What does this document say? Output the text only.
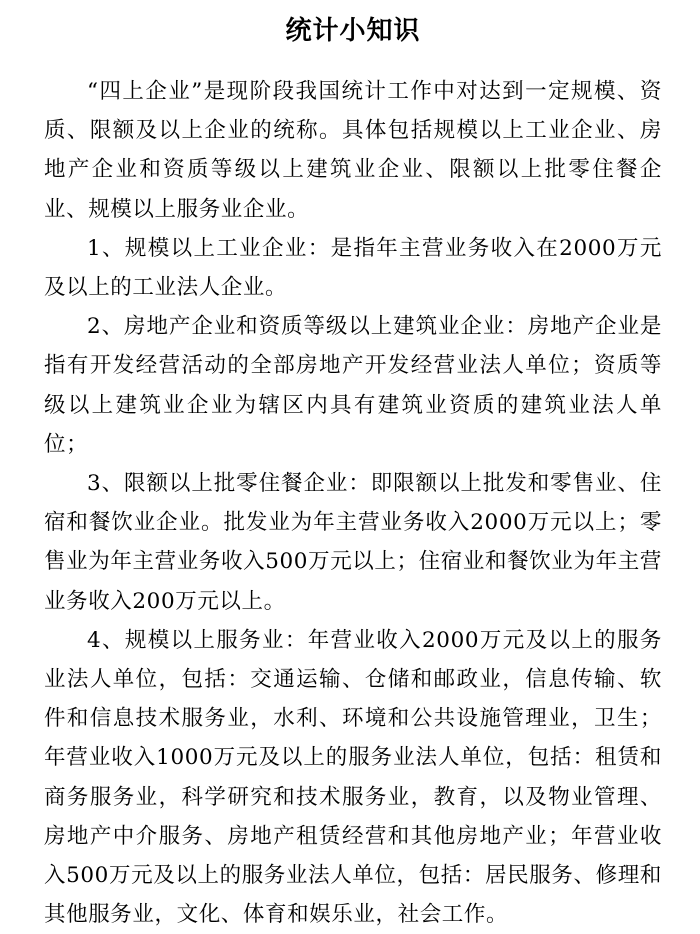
统计小知识

“四上企业”是现阶段我国统计工作中对达到一定规模、资质、限额及以上企业的统称。具体包括规模以上工业企业、房地产企业和资质等级以上建筑业企业、限额以上批零住餐企业、规模以上服务业企业。

1、规模以上工业企业：是指年主营业务收入在2000万元及以上的工业法人企业。

2、房地产企业和资质等级以上建筑业企业：房地产企业是指有开发经营活动的全部房地产开发经营业法人单位；资质等级以上建筑业企业为辖区内具有建筑业资质的建筑业法人单位；

3、限额以上批零住餐企业：即限额以上批发和零售业、住宿和餐饮业企业。批发业为年主营业务收入2000万元以上；零售业为年主营业务收入500万元以上；住宿业和餐饮业为年主营业务收入200万元以上。

4、规模以上服务业：年营业收入2000万元及以上的服务业法人单位，包括：交通运输、仓储和邮政业，信息传输、软件和信息技术服务业，水利、环境和公共设施管理业，卫生；年营业收入1000万元及以上的服务业法人单位，包括：租赁和商务服务业，科学研究和技术服务业，教育，以及物业管理、房地产中介服务、房地产租赁经营和其他房地产业；年营业收入500万元及以上的服务业法人单位，包括：居民服务、修理和其他服务业，文化、体育和娱乐业，社会工作。
